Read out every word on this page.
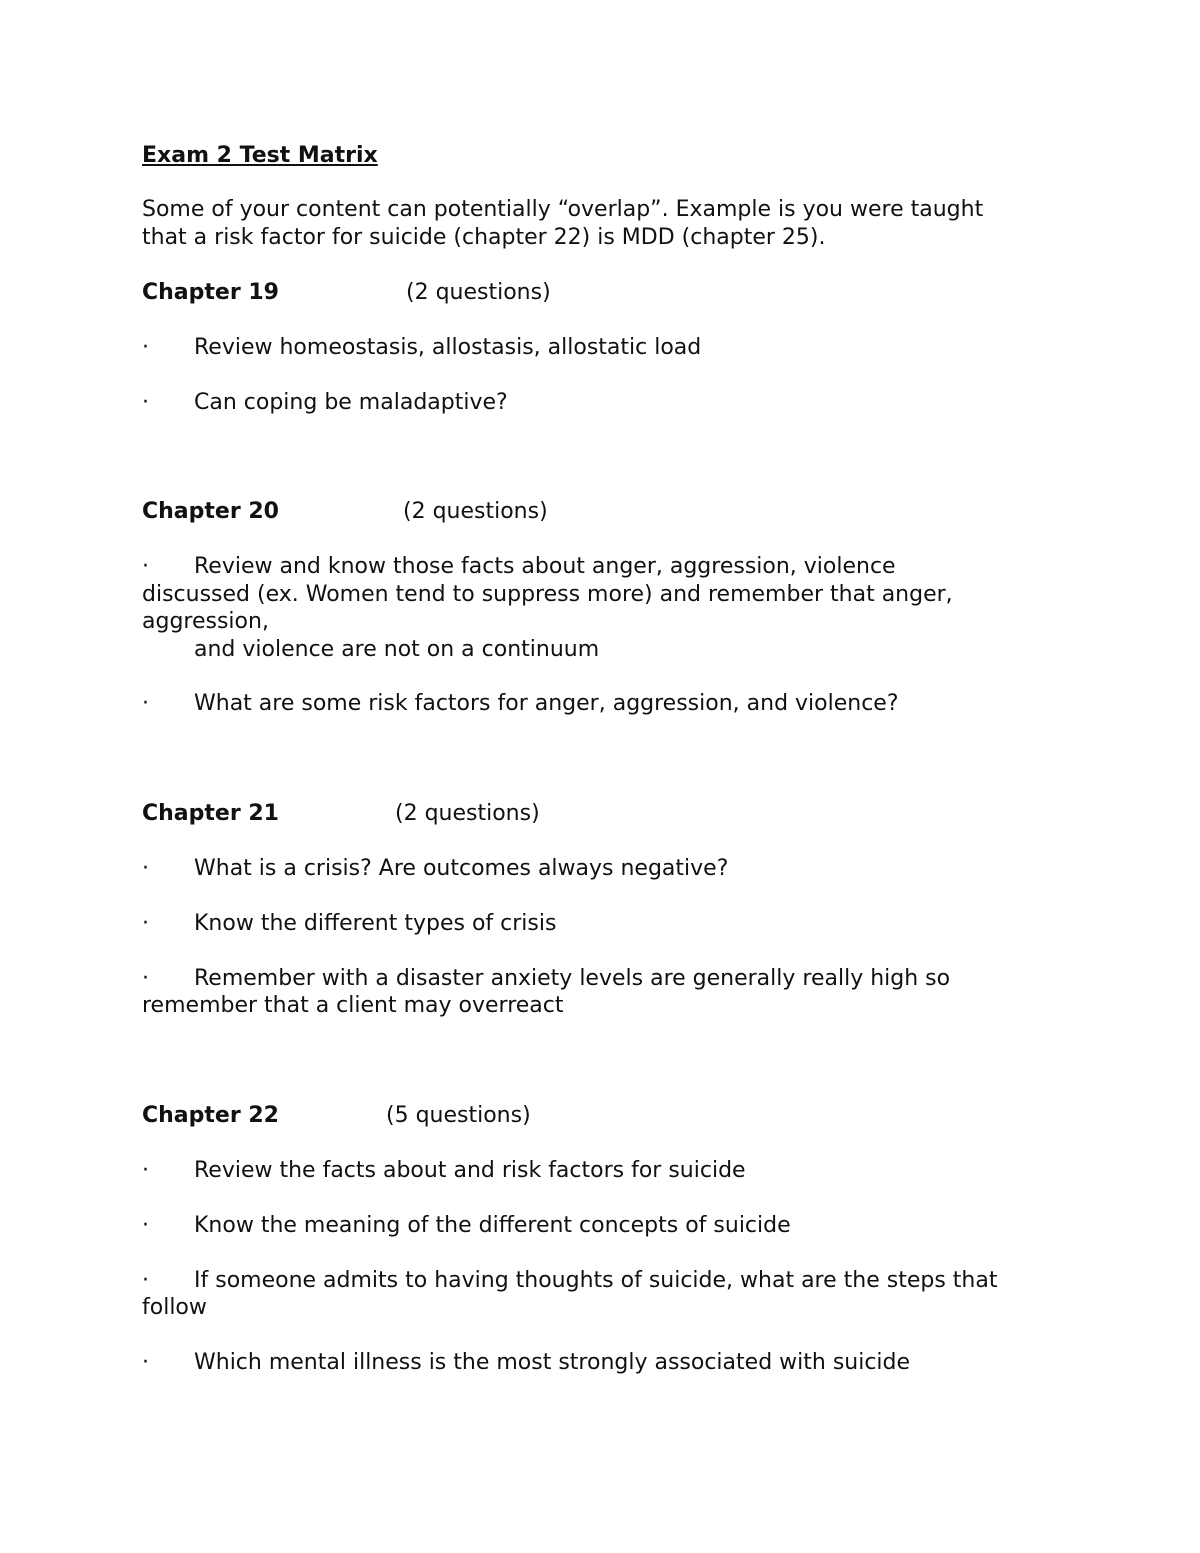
Exam 2 Test Matrix
Some of your content can potentially “overlap”. Example is you were taught
that a risk factor for suicide (chapter 22) is MDD (chapter 25).
Chapter 19	(2 questions)
· Review homeostasis, allostasis, allostatic load
· Can coping be maladaptive?
Chapter 20	(2 questions)
· Review and know those facts about anger, aggression, violence
discussed (ex. Women tend to suppress more) and remember that anger,
aggression,
and violence are not on a continuum
· What are some risk factors for anger, aggression, and violence?
Chapter 21	(2 questions)
· What is a crisis? Are outcomes always negative?
· Know the different types of crisis
· Remember with a disaster anxiety levels are generally really high so
remember that a client may overreact
Chapter 22	(5 questions)
· Review the facts about and risk factors for suicide
· Know the meaning of the different concepts of suicide
· If someone admits to having thoughts of suicide, what are the steps that
follow
· Which mental illness is the most strongly associated with suicide
